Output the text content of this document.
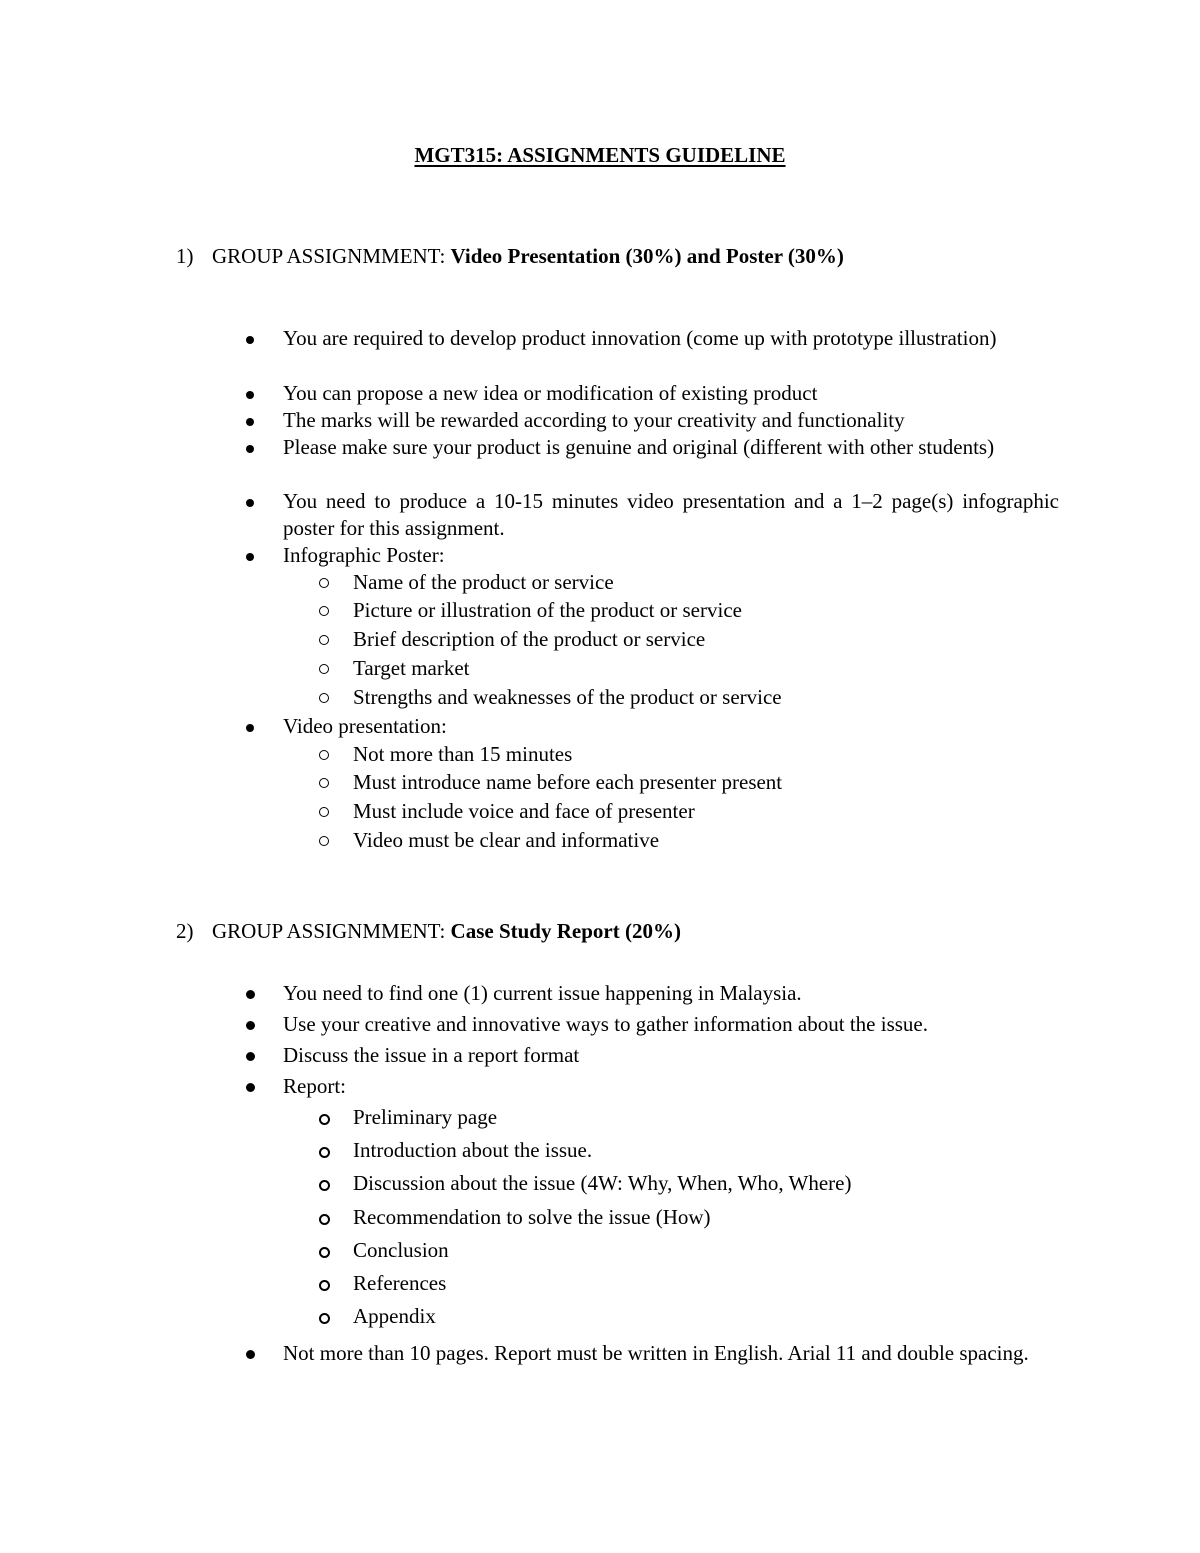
MGT315: ASSIGNMENTS GUIDELINE
1) GROUP ASSIGNMMENT: Video Presentation (30%) and Poster (30%)
You are required to develop product innovation (come up with prototype illustration)
You can propose a new idea or modification of existing product
The marks will be rewarded according to your creativity and functionality
Please make sure your product is genuine and original (different with other students)
You need to produce a 10-15 minutes video presentation and a 1–2 page(s) infographic poster for this assignment.
Infographic Poster:
Name of the product or service
Picture or illustration of the product or service
Brief description of the product or service
Target market
Strengths and weaknesses of the product or service
Video presentation:
Not more than 15 minutes
Must introduce name before each presenter present
Must include voice and face of presenter
Video must be clear and informative
2) GROUP ASSIGNMMENT: Case Study Report (20%)
You need to find one (1) current issue happening in Malaysia.
Use your creative and innovative ways to gather information about the issue.
Discuss the issue in a report format
Report:
Preliminary page
Introduction about the issue.
Discussion about the issue (4W: Why, When, Who, Where)
Recommendation to solve the issue (How)
Conclusion
References
Appendix
Not more than 10 pages. Report must be written in English. Arial 11 and double spacing.
